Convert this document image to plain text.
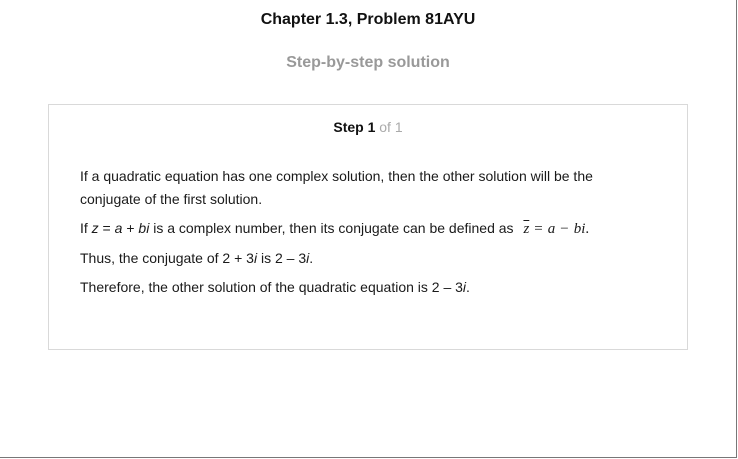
Chapter 1.3, Problem 81AYU
Step-by-step solution
Step 1 of 1

If a quadratic equation has one complex solution, then the other solution will be the conjugate of the first solution.

If z = a + bi is a complex number, then its conjugate can be defined as $\overline{z} = a$ − bi.

Thus, the conjugate of 2 + 3i is 2 – 3i.

Therefore, the other solution of the quadratic equation is 2 – 3i.
